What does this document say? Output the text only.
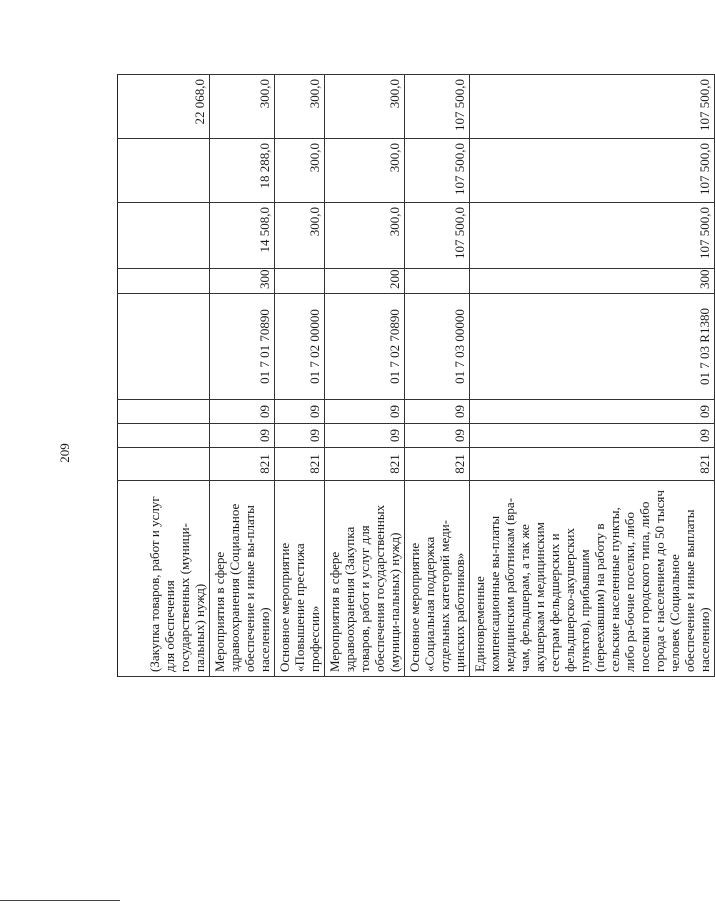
209
(Закупка товаров, работ и услуг для обеспечения государственных (муници-пальных) нужд)								22 068,0
Мероприятия в сфере здравоохранения (Социальное обеспечение и иные вы-платы населению)	821	09	09	01 7 01 70890	300	14 508,0	18 288,0	300,0
Основное мероприятие «Повышение престижа профессии»	821	09	09	01 7 02 00000		300,0	300,0	300,0
Мероприятия в сфере здравоохранения (Закупка товаров, работ и услуг для обеспечения государственных (муници-пальных) нужд)	821	09	09	01 7 02 70890	200	300,0	300,0	300,0
Основное мероприятие «Социальная поддержка отдельных категорий меди-цинских работников»	821	09	09	01 7 03 00000		107 500,0	107 500,0	107 500,0
Единовременные компенсационные вы-платы медицинским работникам (вра-чам, фельдшерам, а так же акушеркам и медицинским сестрам фельдшерских и фельдшерско-акушерских пунктов), прибывшим (переехавшим) на работу в сельские населенные пункты, либо ра-бочие поселки, либо поселки городского типа, либо города с населением до 50 тысяч человек (Социальное обеспечение и иные выплаты населению)	821	09	09	01 7 03 R1380	300	107 500,0	107 500,0	107 500,0
